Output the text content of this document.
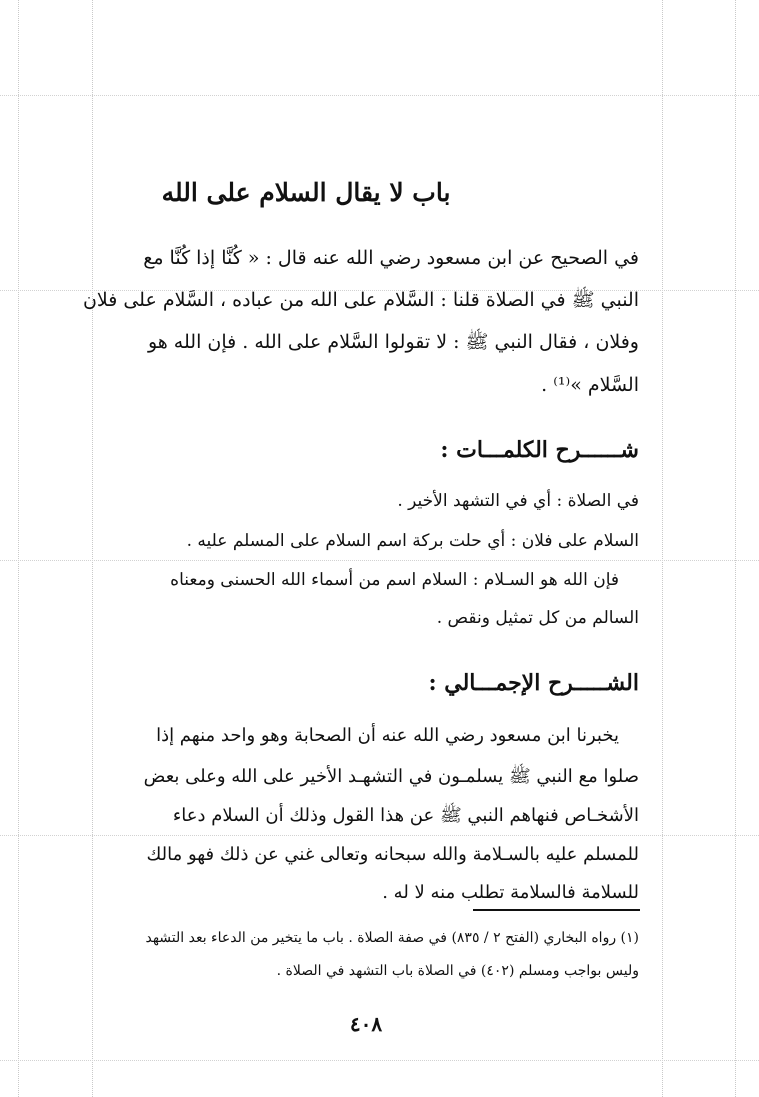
باب لا يقال السلام على الله
في الصحيح عن ابن مسعود رضي الله عنه قال : « كُنَّا إذا كُنَّا مع
النبي ﷺ في الصلاة قلنا : السَّلام على الله من عباده ، السَّلام على فلان
وفلان ، فقال النبي ﷺ : لا تقولوا السَّلام على الله . فإن الله هو
السَّلام »⁽¹⁾ .
شــــــرح الكلمـــات :
في الصلاة : أي في التشهد الأخير .
السلام على فلان : أي حلت بركة اسم السلام على المسلم عليه .
فإن الله هو السـلام : السلام اسم من أسماء الله الحسنى ومعناه
السالم من كل تمثيل ونقص .
الشـــــرح الإجمـــالي :
يخبرنا ابن مسعود رضي الله عنه أن الصحابة وهو واحد منهم إذا
صلوا مع النبي ﷺ يسلمـون في التشهـد الأخير على الله وعلى بعض
الأشخـاص فنهاهم النبي ﷺ عن هذا القول وذلك أن السلام دعاء
للمسلم عليه بالسـلامة والله سبحانه وتعالى غني عن ذلك فهو مالك
للسلامة فالسلامة تطلب منه لا له .
(١) رواه البخاري (الفتح ٢ / ٨٣٥) في صفة الصلاة . باب ما يتخير من الدعاء بعد التشهد
وليس بواجب ومسلم (٤٠٢) في الصلاة باب التشهد في الصلاة .
٤٠٨
